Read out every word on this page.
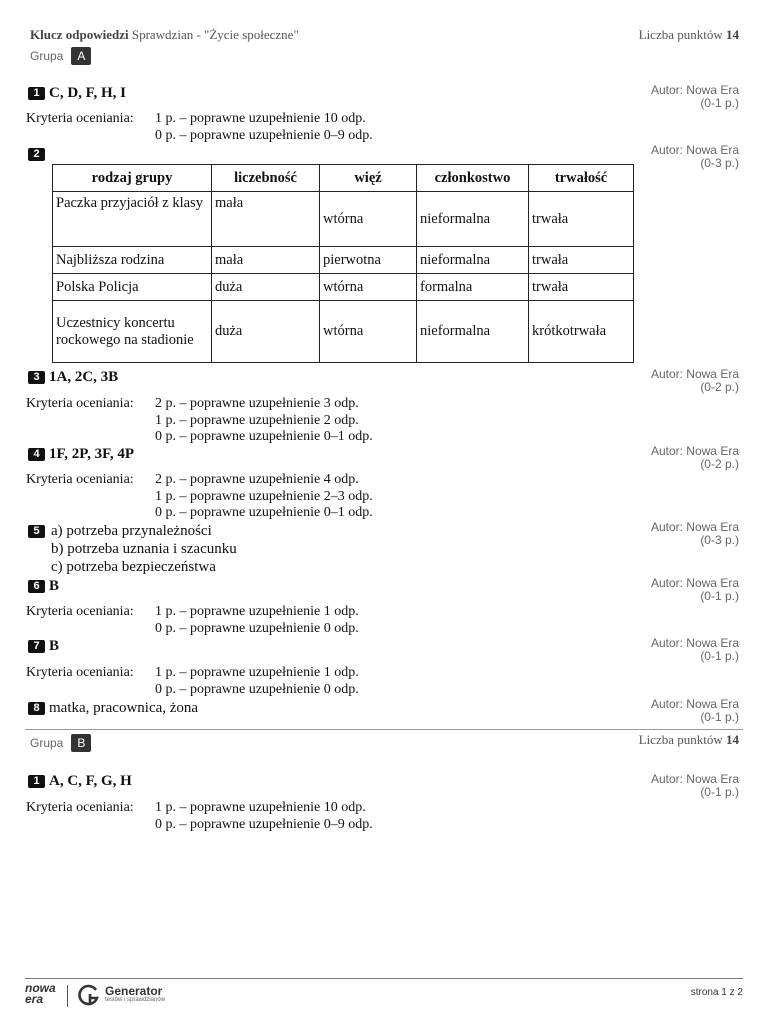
Klucz odpowiedzi Sprawdzian - "Życie społeczne"	Liczba punktów 14
Grupa	A
1 C, D, F, H, I	Autor: Nowa Era
(0-1 p.)
Kryteria oceniania: 1 p. – poprawne uzupełnienie 10 odp.
0 p. – poprawne uzupełnienie 0–9 odp.
2	Autor: Nowa Era
(0-3 p.)
rodzaj grupy	liczebność	więź	członkostwo	trwałość
Paczka przyjaciół z klasy	mała	wtórna	nieformalna	trwała
Najbliższa rodzina	mała	pierwotna	nieformalna	trwała
Polska Policja	duża	wtórna	formalna	trwała
Uczestnicy koncertu rockowego na stadionie	duża	wtórna	nieformalna	krótkotrwała
3 1A, 2C, 3B	Autor: Nowa Era
(0-2 p.)
Kryteria oceniania: 2 p. – poprawne uzupełnienie 3 odp.
1 p. – poprawne uzupełnienie 2 odp.
0 p. – poprawne uzupełnienie 0–1 odp.
4 1F, 2P, 3F, 4P	Autor: Nowa Era
(0-2 p.)
Kryteria oceniania: 2 p. – poprawne uzupełnienie 4 odp.
1 p. – poprawne uzupełnienie 2–3 odp.
0 p. – poprawne uzupełnienie 0–1 odp.
5 a) potrzeba przynależności
b) potrzeba uznania i szacunku
c) potrzeba bezpieczeństwa
Autor: Nowa Era
(0-3 p.)
6 B	Autor: Nowa Era
(0-1 p.)
Kryteria oceniania: 1 p. – poprawne uzupełnienie 1 odp.
0 p. – poprawne uzupełnienie 0 odp.
7 B	Autor: Nowa Era
(0-1 p.)
Kryteria oceniania: 1 p. – poprawne uzupełnienie 1 odp.
0 p. – poprawne uzupełnienie 0 odp.
8 matka, pracownica, żona	Autor: Nowa Era
(0-1 p.)
Grupa	B	Liczba punktów 14
1 A, C, F, G, H	Autor: Nowa Era
(0-1 p.)
Kryteria oceniania: 1 p. – poprawne uzupełnienie 10 odp.
0 p. – poprawne uzupełnienie 0–9 odp.
nowa
era
Generator
testów i sprawdzianów
strona 1 z 2
